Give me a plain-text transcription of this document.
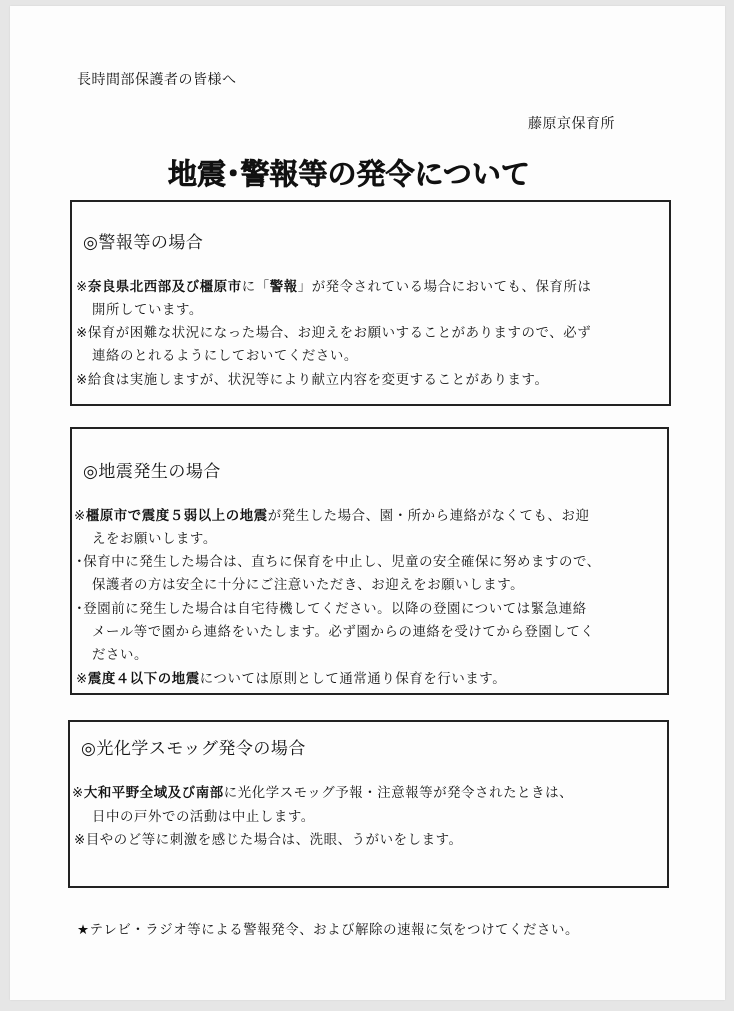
長時間部保護者の皆様へ
藤原京保育所
地震･警報等の発令について
◎警報等の場合
※奈良県北西部及び橿原市に「警報」が発令されている場合においても、保育所は
開所しています。
※保育が困難な状況になった場合、お迎えをお願いすることがありますので、必ず
連絡のとれるようにしておいてください。
※給食は実施しますが、状況等により献立内容を変更することがあります。
◎地震発生の場合
※橿原市で震度５弱以上の地震が発生した場合、園・所から連絡がなくても、お迎
えをお願いします。
･保育中に発生した場合は、直ちに保育を中止し、児童の安全確保に努めますので、
保護者の方は安全に十分にご注意いただき、お迎えをお願いします。
･登園前に発生した場合は自宅待機してください。以降の登園については緊急連絡
メール等で園から連絡をいたします。必ず園からの連絡を受けてから登園してく
ださい。
※震度４以下の地震については原則として通常通り保育を行います。
◎光化学スモッグ発令の場合
※大和平野全域及び南部に光化学スモッグ予報・注意報等が発令されたときは、
日中の戸外での活動は中止します。
※目やのど等に刺激を感じた場合は、洗眼、うがいをします。
★テレビ・ラジオ等による警報発令、および解除の速報に気をつけてください。
